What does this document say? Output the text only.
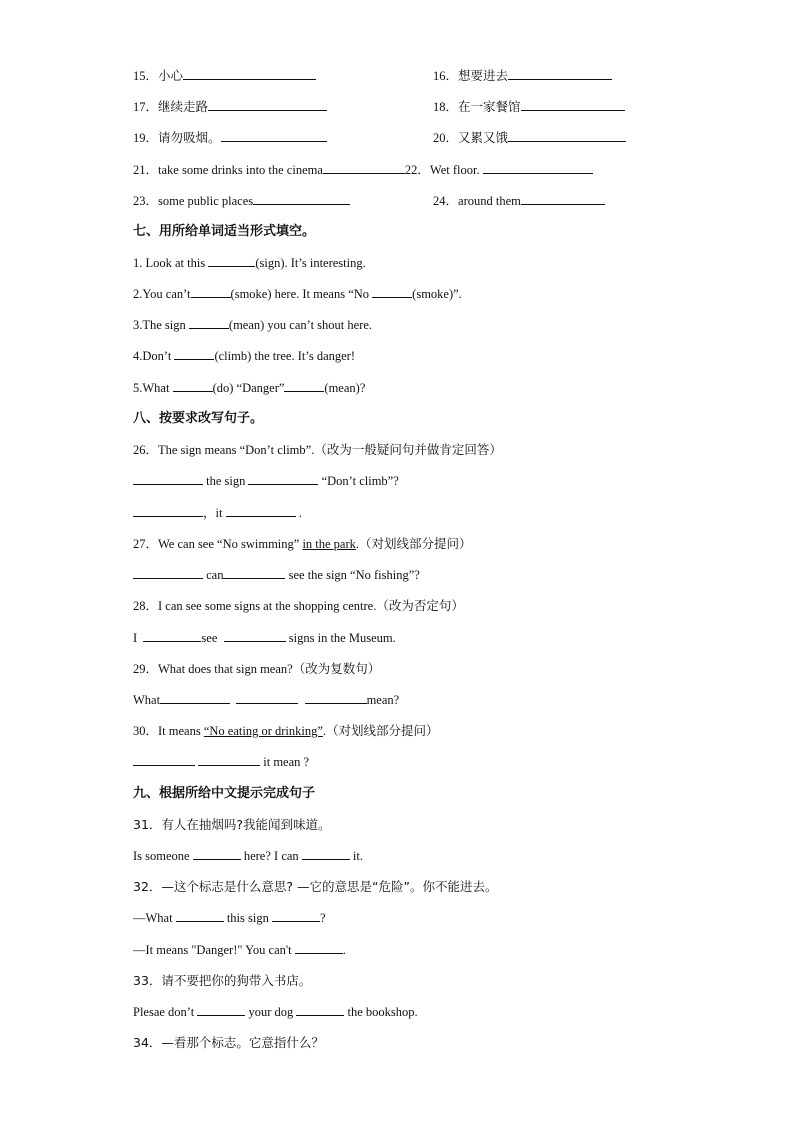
15．小心	16．想要进去
17．继续走路	18．在一家餐馆
19．请勿吸烟。	20．又累又饿
21．take some drinks into the cinema	22．Wet floor.
23．some public places	24．around them
七、用所给单词适当形式填空。
1. Look at this	(sign). It’s interesting.
2.You can’t	(smoke) here. It means “No	(smoke)”.
3.The sign	(mean) you can’t shout here.
4.Don’t	(climb) the tree. It’s danger!
5.What	(do) “Danger”	(mean)?
八、按要求改写句子。
26．The sign means “Don’t climb”.（改为一般疑问句并做肯定回答）
the sign	“Don’t climb”?
，it	.
27．We can see “No swimming” in the park.（对划线部分提问）
can	see the sign “No fishing”?
28．I can see some signs at the shopping centre.（改为否定句）
I	see	signs in the Museum.
29．What does that sign mean?（改为复数句）
What	mean?
30．It means “No eating or drinking”.（对划线部分提问）
it mean ?
九、根据所给中文提示完成句子
31．有人在抽烟吗?我能闻到味道。
Is someone	here? I can	it.
32．—这个标志是什么意思? —它的意思是“危险”。你不能进去。
—What	this sign	?
—It means "Danger!" You can't	.
33．请不要把你的狗带入书店。
Plesae don’t	your dog	the bookshop.
34．—看那个标志。它意指什么？
